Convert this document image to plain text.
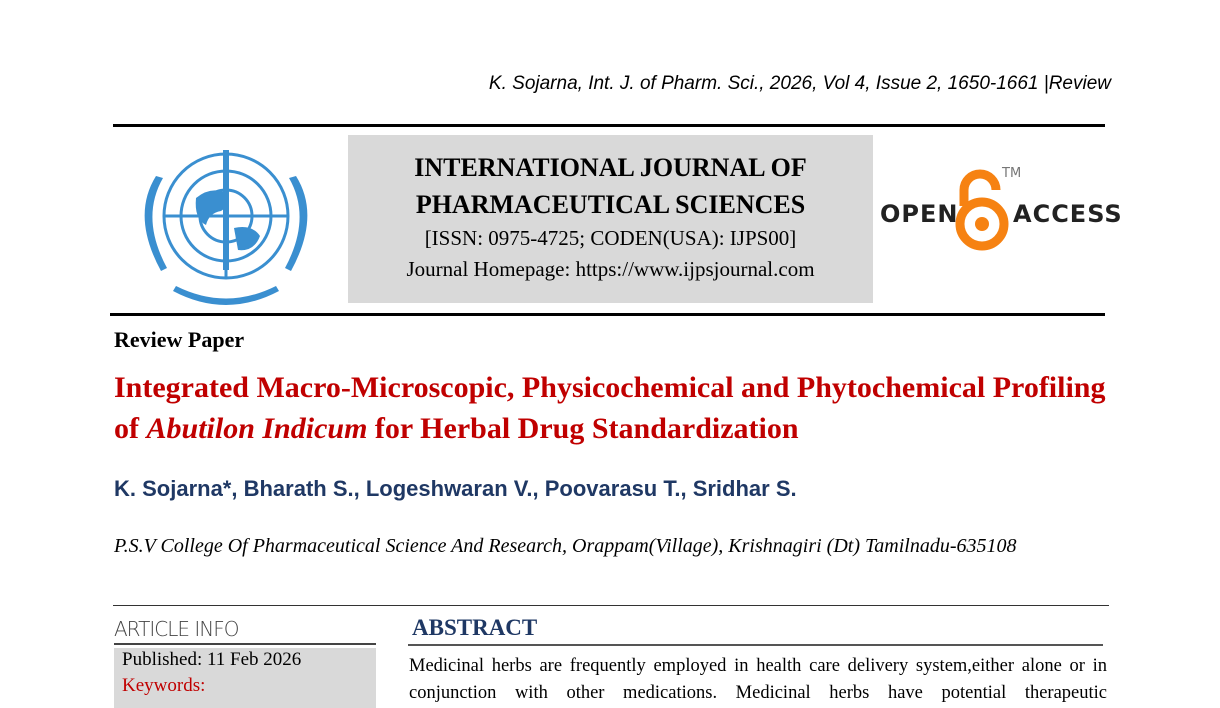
K. Sojarna, Int. J. of Pharm. Sci., 2026, Vol 4, Issue 2, 1650-1661 |Review
INTERNATIONAL JOURNAL OF
PHARMACEUTICAL SCIENCES
[ISSN: 0975-4725; CODEN(USA): IJPS00]
Journal Homepage: https://www.ijpsjournal.com
OPEN
TM
ACCESS
Review Paper
Integrated Macro-Microscopic, Physicochemical and Phytochemical Profiling of Abutilon Indicum for Herbal Drug Standardization
K. Sojarna*, Bharath S., Logeshwaran V., Poovarasu T., Sridhar S.
P.S.V College Of Pharmaceutical Science And Research, Orappam(Village), Krishnagiri (Dt) Tamilnadu-635108
ARTICLE INFO
Published: 11 Feb 2026
Keywords:
ABSTRACT
Medicinal herbs are frequently employed in health care delivery system,either alone or in conjunction with other medications. Medicinal herbs have potential therapeutic
